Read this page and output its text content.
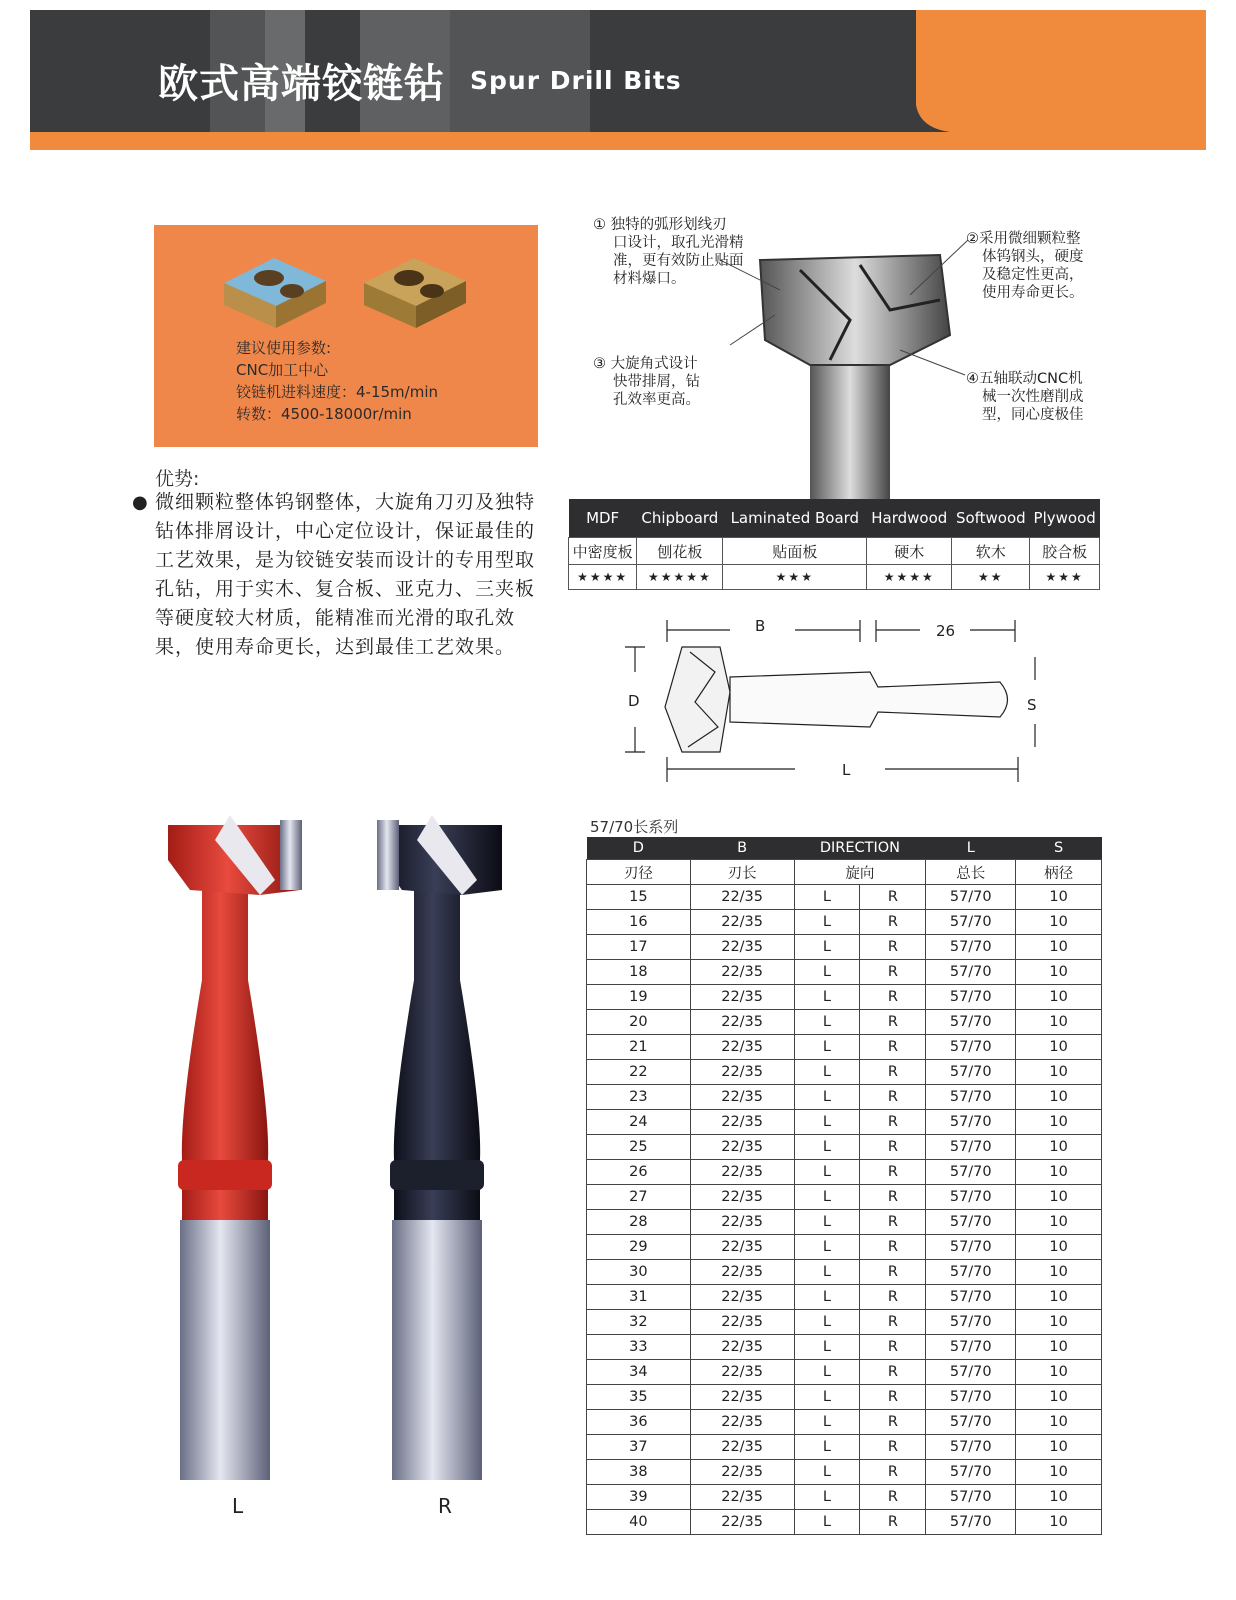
欧式高端铰链钻 Spur Drill Bits
建议使用参数:
CNC加工中心
铰链机进料速度：4-15m/min
转数：4500-18000r/min
优势:
● 微细颗粒整体钨钢整体，大旋角刀刃及独特钻体排屑设计，中心定位设计，保证最佳的工艺效果，是为铰链安装而设计的专用型取孔钻，用于实木、复合板、亚克力、三夹板等硬度较大材质，能精准而光滑的取孔效果，使用寿命更长，达到最佳工艺效果。
① 独特的弧形划线刃
口设计，取孔光滑精
准，更有效防止贴面
材料爆口。
②采用微细颗粒整
体钨钢头，硬度
及稳定性更高，
使用寿命更长。
③ 大旋角式设计
快带排屑，钻
孔效率更高。
④五轴联动CNC机
械一次性磨削成
型，同心度极佳
MDF	Chipboard	Laminated Board	Hardwood	Softwood	Plywood
中密度板	刨花板	贴面板	硬木	软木	胶合板
★★★★	★★★★★	★★★	★★★★	★★	★★★
B	26
D	S
L
L	R
57/70长系列
D	B	DIRECTION		L	S
刃径	刃长	旋向		总长	柄径
15	22/35	L	R	57/70	10
16	22/35	L	R	57/70	10
17	22/35	L	R	57/70	10
18	22/35	L	R	57/70	10
19	22/35	L	R	57/70	10
20	22/35	L	R	57/70	10
21	22/35	L	R	57/70	10
22	22/35	L	R	57/70	10
23	22/35	L	R	57/70	10
24	22/35	L	R	57/70	10
25	22/35	L	R	57/70	10
26	22/35	L	R	57/70	10
27	22/35	L	R	57/70	10
28	22/35	L	R	57/70	10
29	22/35	L	R	57/70	10
30	22/35	L	R	57/70	10
31	22/35	L	R	57/70	10
32	22/35	L	R	57/70	10
33	22/35	L	R	57/70	10
34	22/35	L	R	57/70	10
35	22/35	L	R	57/70	10
36	22/35	L	R	57/70	10
37	22/35	L	R	57/70	10
38	22/35	L	R	57/70	10
39	22/35	L	R	57/70	10
40	22/35	L	R	57/70	10
